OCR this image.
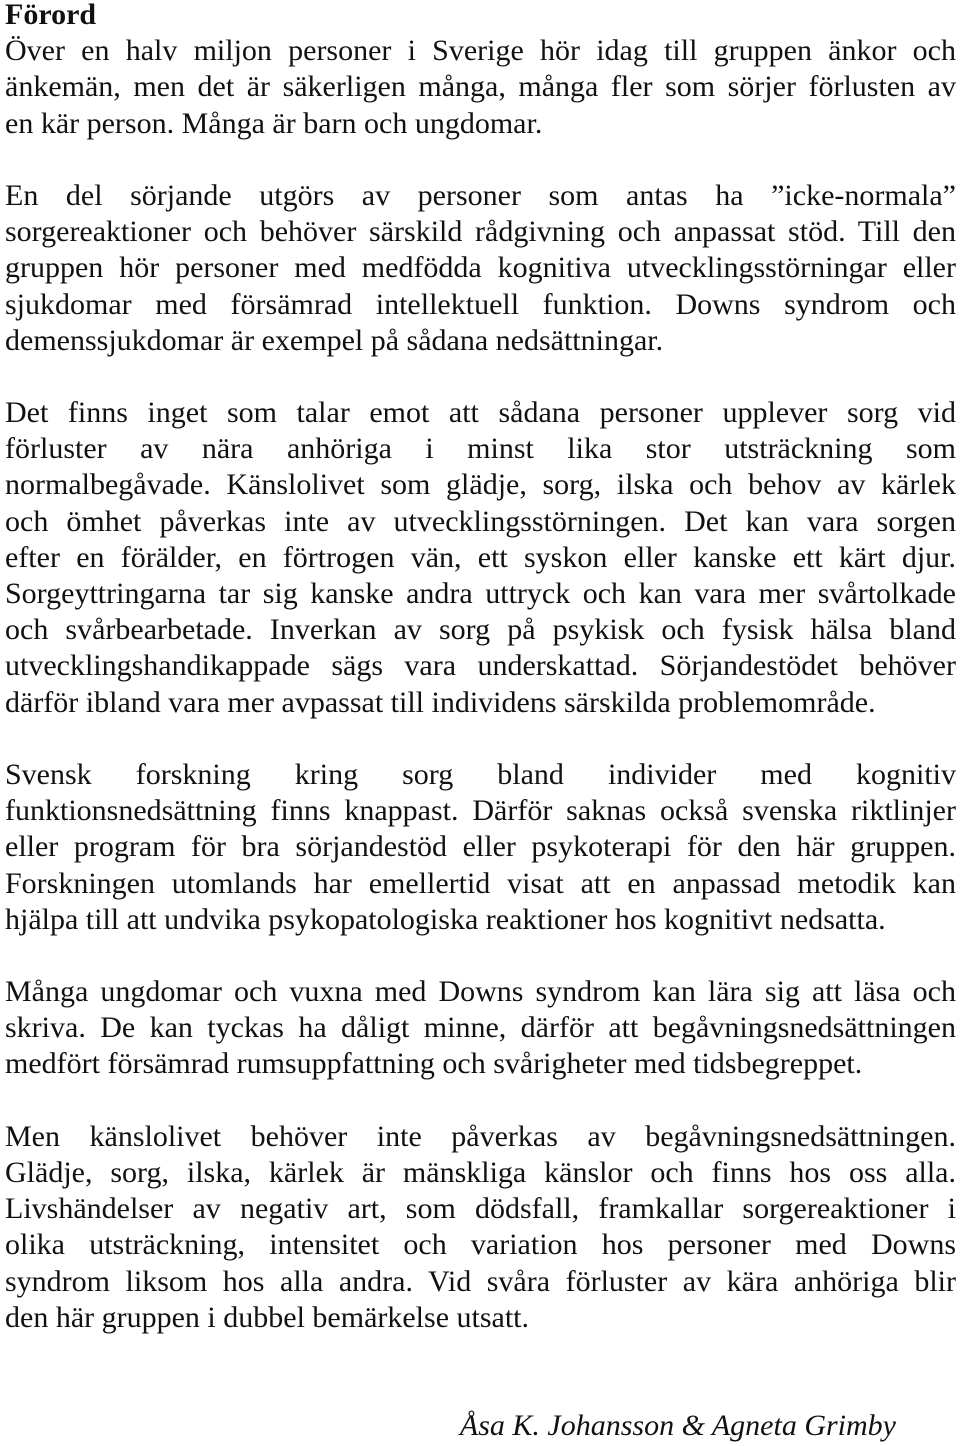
Förord
Över en halv miljon personer i Sverige hör idag till gruppen änkor och
änkemän, men det är säkerligen många, många fler som sörjer förlusten av
en kär person. Många är barn och ungdomar.
En del sörjande utgörs av personer som antas ha ”icke-normala”
sorgereaktioner och behöver särskild rådgivning och anpassat stöd. Till den
gruppen hör personer med medfödda kognitiva utvecklingsstörningar eller
sjukdomar med försämrad intellektuell funktion. Downs syndrom och
demenssjukdomar är exempel på sådana nedsättningar.
Det finns inget som talar emot att sådana personer upplever sorg vid
förluster av nära anhöriga i minst lika stor utsträckning som
normalbegåvade. Känslolivet som glädje, sorg, ilska och behov av kärlek
och ömhet påverkas inte av utvecklingsstörningen. Det kan vara sorgen
efter en förälder, en förtrogen vän, ett syskon eller kanske ett kärt djur.
Sorgeyttringarna tar sig kanske andra uttryck och kan vara mer svårtolkade
och svårbearbetade. Inverkan av sorg på psykisk och fysisk hälsa bland
utvecklingshandikappade sägs vara underskattad. Sörjandestödet behöver
därför ibland vara mer avpassat till individens särskilda problemområde.
Svensk forskning kring sorg bland individer med kognitiv
funktionsnedsättning finns knappast. Därför saknas också svenska riktlinjer
eller program för bra sörjandestöd eller psykoterapi för den här gruppen.
Forskningen utomlands har emellertid visat att en anpassad metodik kan
hjälpa till att undvika psykopatologiska reaktioner hos kognitivt nedsatta.
Många ungdomar och vuxna med Downs syndrom kan lära sig att läsa och
skriva. De kan tyckas ha dåligt minne, därför att begåvningsnedsättningen
medfört försämrad rumsuppfattning och svårigheter med tidsbegreppet.
Men känslolivet behöver inte påverkas av begåvningsnedsättningen.
Glädje, sorg, ilska, kärlek är mänskliga känslor och finns hos oss alla.
Livshändelser av negativ art, som dödsfall, framkallar sorgereaktioner i
olika utsträckning, intensitet och variation hos personer med Downs
syndrom liksom hos alla andra. Vid svåra förluster av kära anhöriga blir
den här gruppen i dubbel bemärkelse utsatt.
Åsa K. Johansson & Agneta Grimby
